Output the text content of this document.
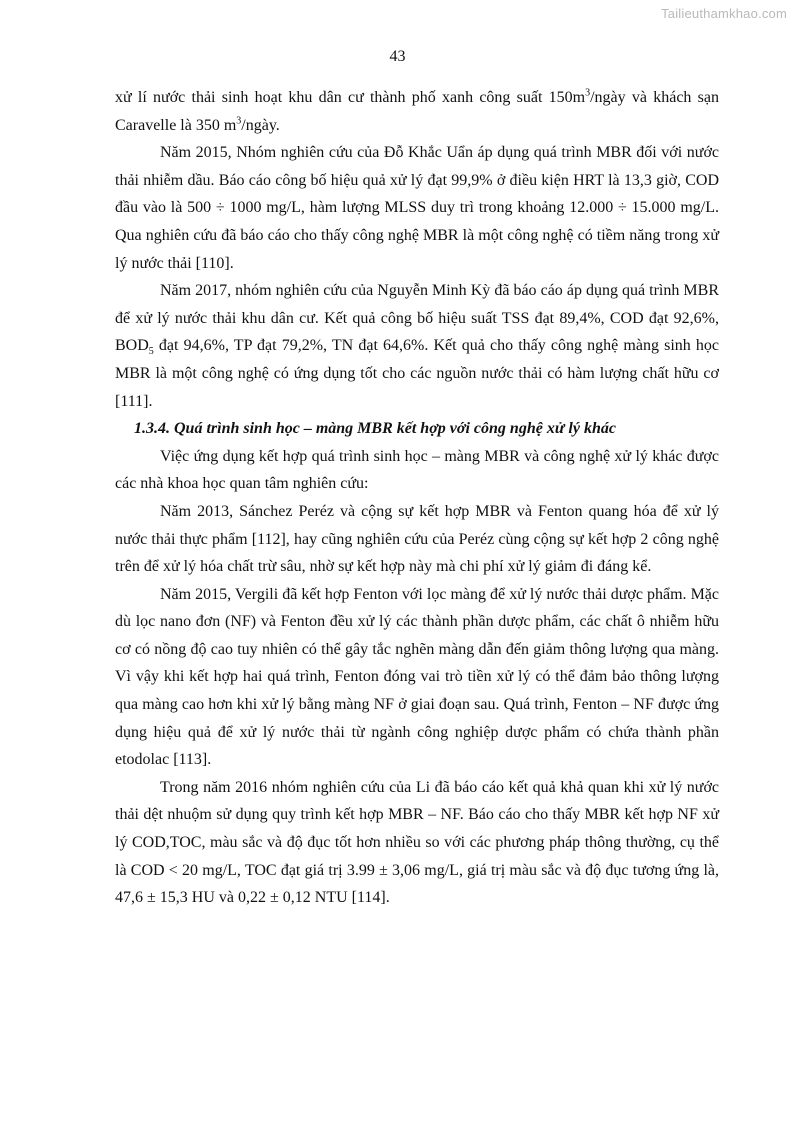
Tailieuthamkhao.com
43

xử lí nước thải sinh hoạt khu dân cư thành phố xanh công suất $150m^3$/ngày và khách sạn Caravelle là 350 $m^3$/ngày.

Năm 2015, Nhóm nghiên cứu của Đỗ Khắc Uẩn áp dụng quá trình MBR đối với nước thải nhiễm dầu. Báo cáo công bố hiệu quả xử lý đạt 99,9% ở điều kiện HRT là 13,3 giờ, COD đầu vào là 500 ÷ 1000 mg/L, hàm lượng MLSS duy trì trong khoảng 12.000 ÷ 15.000 mg/L. Qua nghiên cứu đã báo cáo cho thấy công nghệ MBR là một công nghệ có tiềm năng trong xử lý nước thải [110].

Năm 2017, nhóm nghiên cứu của Nguyễn Minh Kỳ đã báo cáo áp dụng quá trình MBR để xử lý nước thải khu dân cư. Kết quả công bố hiệu suất TSS đạt 89,4%, COD đạt 92,6%, $BOD_5$ đạt 94,6%, TP đạt 79,2%, TN đạt 64,6%. Kết quả cho thấy công nghệ màng sinh học MBR là một công nghệ có ứng dụng tốt cho các nguồn nước thải có hàm lượng chất hữu cơ [111].

1.3.4. Quá trình sinh học – màng MBR kết hợp với công nghệ xử lý khác

Việc ứng dụng kết hợp quá trình sinh học – màng MBR và công nghệ xử lý khác được các nhà khoa học quan tâm nghiên cứu:

Năm 2013, Sánchez Peréz và cộng sự kết hợp MBR và Fenton quang hóa để xử lý nước thải thực phẩm [112], hay cũng nghiên cứu của Peréz cùng cộng sự kết hợp 2 công nghệ trên để xử lý hóa chất trừ sâu, nhờ sự kết hợp này mà chi phí xử lý giảm đi đáng kể.

Năm 2015, Vergili đã kết hợp Fenton với lọc màng để xử lý nước thải dược phẩm. Mặc dù lọc nano đơn (NF) và Fenton đều xử lý các thành phần dược phẩm, các chất ô nhiễm hữu cơ có nồng độ cao tuy nhiên có thể gây tắc nghẽn màng dẫn đến giảm thông lượng qua màng. Vì vậy khi kết hợp hai quá trình, Fenton đóng vai trò tiền xử lý có thể đảm bảo thông lượng qua màng cao hơn khi xử lý bằng màng NF ở giai đoạn sau. Quá trình, Fenton – NF được ứng dụng hiệu quả để xử lý nước thải từ ngành công nghiệp dược phẩm có chứa thành phần etodolac [113].

Trong năm 2016 nhóm nghiên cứu của Li đã báo cáo kết quả khả quan khi xử lý nước thải dệt nhuộm sử dụng quy trình kết hợp MBR – NF. Báo cáo cho thấy MBR kết hợp NF xử lý COD,TOC, màu sắc và độ đục tốt hơn nhiều so với các phương pháp thông thường, cụ thể là COD < 20 mg/L, TOC đạt giá trị 3.99 ± 3,06 mg/L, giá trị màu sắc và độ đục tương ứng là, 47,6 ± 15,3 HU và 0,22 ± 0,12 NTU [114].
